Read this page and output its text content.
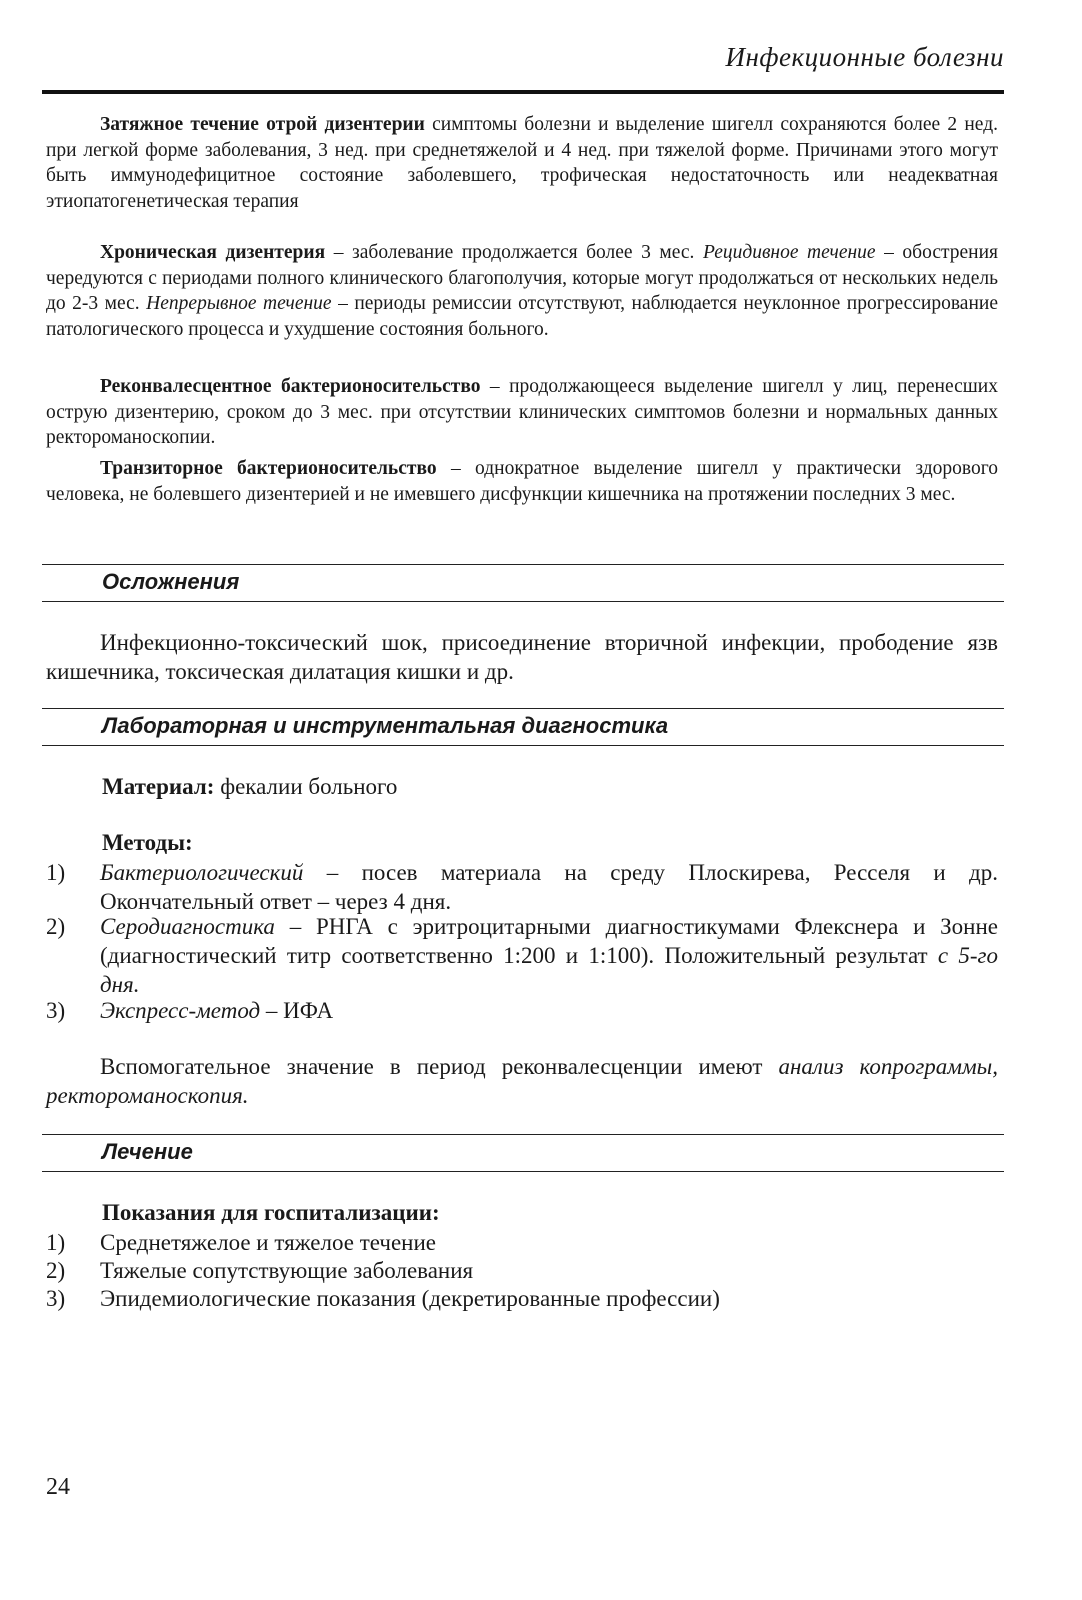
Инфекционные болезни

Затяжное течение отрой дизентерии симптомы болезни и выделение шигелл сохраняются более 2 нед. при легкой форме заболевания, 3 нед. при среднетяжелой и 4 нед. при тяжелой форме. Причинами этого могут быть иммунодефицитное состояние заболевшего, трофическая недостаточность или неадекватная этиопатогенетическая терапия

Хроническая дизентерия – заболевание продолжается более 3 мес. Рецидивное течение – обострения чередуются с периодами полного клинического благополучия, которые могут продолжаться от нескольких недель до 2-3 мес. Непрерывное течение – периоды ремиссии отсутствуют, наблюдается неуклонное прогрессирование патологического процесса и ухудшение состояния больного.

Реконвалесцентное бактерионосительство – продолжающееся выделение шигелл у лиц, перенесших острую дизентерию, сроком до 3 мес. при отсутствии клинических симптомов болезни и нормальных данных ректороманоскопии.

Транзиторное бактерионосительство – однократное выделение шигелл у практически здорового человека, не болевшего дизентерией и не имевшего дисфункции кишечника на протяжении последних 3 мес.

Осложнения

Инфекционно-токсический шок, присоединение вторичной инфекции, прободение язв кишечника, токсическая дилатация кишки и др.

Лабораторная и инструментальная диагностика
Материал: фекалии больного
Методы:
1) Бактериологический – посев материала на среду Плоскирева, Ресселя и др. Окончательный ответ – через 4 дня.
2) Серодиагностика – РНГА с эритроцитарными диагностикумами Флекснера и Зонне (диагностический титр соответственно 1:200 и 1:100). Положительный результат с 5-го дня.
3) Экспресс-метод – ИФА

Вспомогательное значение в период реконвалесценции имеют анализ копрограммы, ректороманоскопия.

Лечение
Показания для госпитализации:
1) Среднетяжелое и тяжелое течение
2) Тяжелые сопутствующие заболевания
3) Эпидемиологические показания (декретированные профессии)
24
